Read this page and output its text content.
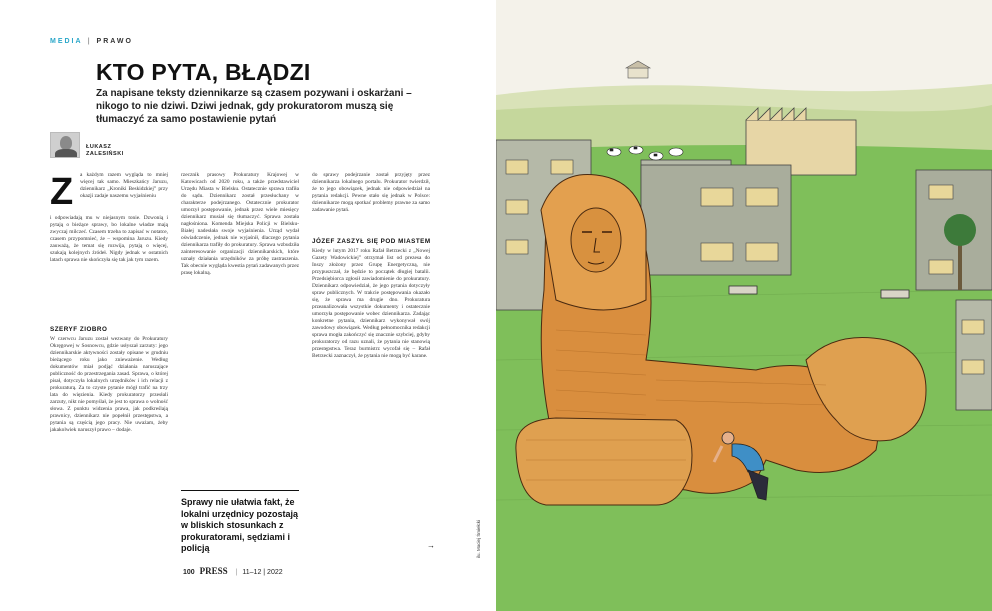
MEDIA | PRAWO
KTO PYTA, BŁĄDZI

Za napisane teksty dziennikarze są czasem pozywani i oskarżani – nikogo to nie dziwi. Dziwi jednak, gdy prokuratorom muszą się tłumaczyć za samo postawienie pytań

ŁUKASZ
ZALESIŃSKI
Z a każdym razem wygląda to mniej więcej tak samo. Mieszkańcy Jaruzu, dziennikarz „Kroniki Beskidzkiej” przy okazji zadaje naszemu wyjaśnieniu

i odpowiadają mu w niejasnym tonie. Dzwonią i pytają o bieżące sprawy, bo lokalne władze mają zwyczaj milczeć. Czasem trzeba to zapisać w notatce, czasem przypomnieć, że – wspomina Jaruzu. Kiedy zauważą, że temat się rozwija, pytają o więcej, szukają kolejnych źródeł. Nigdy jednak w ostatnich latach sprawa nie skończyła się tak jak tym razem.

SZERYF ZIOBRO

W czerwcu Jaruzu został wezwany do Prokuratury Okręgowej w Sosnowcu, gdzie usłyszał zarzuty: jego dziennikarskie aktywności zostały opisane w grudniu bieżącego roku jako znieważenie. Według dokumentów miał podjąć działania naruszające publiczność do przestrzegania zasad. Sprawa, o której pisał, dotyczyła lokalnych urzędników i ich relacji z prokuraturą. Za to czyste pytanie mógł trafić na trzy lata do więzienia. Kiedy prokuratorzy przesłali zarzuty, nikt nie pomyślał, że jest to sprawa o wolność słowa. Z punktu widzenia prawa, jak podkreślają prawnicy, dziennikarz nie popełnił przestępstwa, a pytania są częścią jego pracy. Nie uważam, żeby jakakolwiek naruszył prawo – dodaje.

rzecznik prasowy Prokuratury Krajowej w Katowicach od 2020 roku, a także przedstawiciel Urzędu Miasta w Bielsku. Ostatecznie sprawa trafiła do sądu. Dziennikarz został przesłuchany w charakterze podejrzanego. Ostatecznie prokurator umorzył postępowanie, jednak przez wiele miesięcy dziennikarz musiał się tłumaczyć. Sprawa została nagłośniona. Komenda Miejska Policji w Bielsku-Białej nadesłała swoje wyjaśnienia. Urząd wydał oświadczenie, jednak nie wyjaśnił, dlaczego pytania dziennikarza trafiły do prokuratury. Sprawa wzbudziła zainteresowanie organizacji dziennikarskich, które uznały działania urzędników za próbę zastraszenia. Tak obecnie wygląda kwestia pytań zadawanych przez prasę lokalną.

Sprawy nie ułatwia fakt, że lokalni urzędnicy pozostają w bliskich stosunkach z prokuratorami, sędziami i policją

do sprawy podejrzanie został przyjęty przez dziennikarza lokalnego portalu. Prokurator twierdził, że to jego obowiązek, jednak nie odpowiedział na pytania redakcji. Pewne stało się jednak w Polsce: dziennikarze mogą spotkać problemy prawne za samo zadawanie pytań.

JÓZEF ZASZYŁ SIĘ POD MIASTEM

Kiedy w lutym 2017 roku Rafał Betrzecki z „Nowej Gazety Wadowickiej” otrzymał list od prezesa do Inszy złożony przez Grupę Energetyczną, nie przypuszczał, że będzie to początek długiej batalii. Przedsiębiorca zgłosił zawiadomienie do prokuratury. Dziennikarz odpowiedział, że jego pytania dotyczyły spraw publicznych. W trakcie postępowania okazało się, że sprawa ma drugie dno. Prokuratura przeanalizowała wszystkie dokumenty i ostatecznie umorzyła postępowanie wobec dziennikarza. Zadając konkretne pytania, dziennikarz wykonywał swój zawodowy obowiązek. Według pełnomocnika redakcji sprawa mogła zakończyć się znacznie szybciej, gdyby prokuratorzy od razu uznali, że pytania nie stanowią przestępstwa. Teraz burmistrz wycofał się – Rafał Betrzecki zaznaczył, że pytania nie mogą być karane.

→
100 PRESS | 11–12 | 2022
ilu. Maciej Śmiełcki
